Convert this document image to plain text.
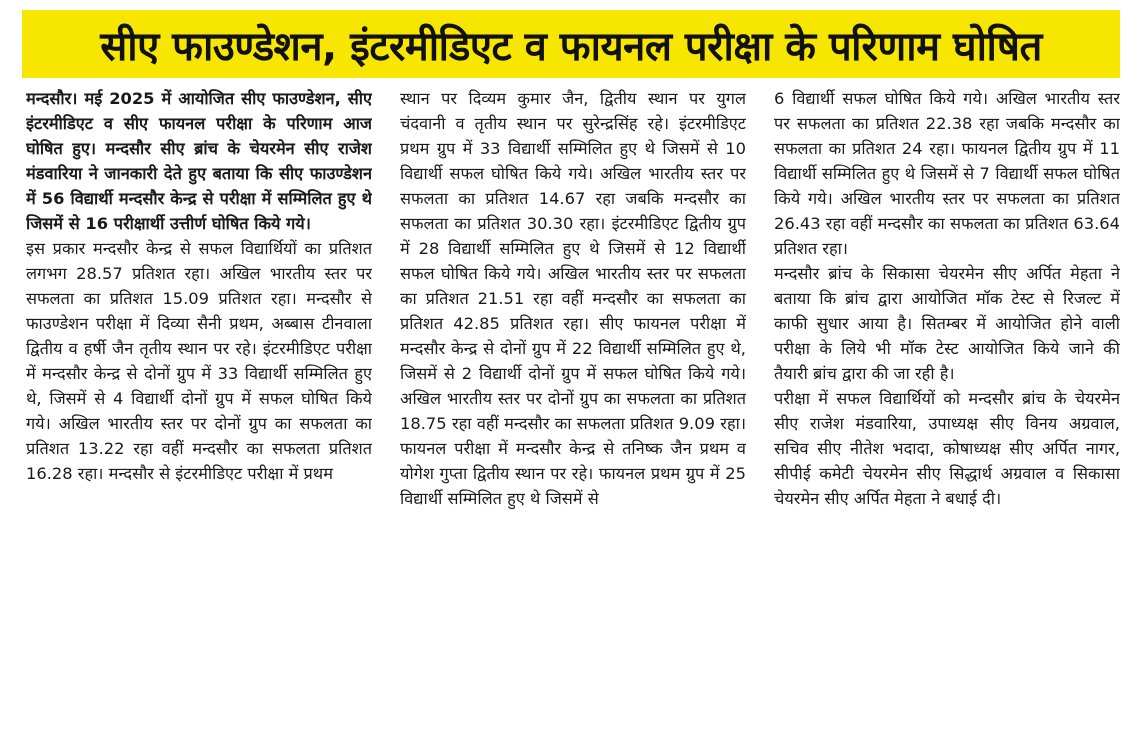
सीए फाउण्डेशन, इंटरमीडिएट व फायनल परीक्षा के परिणाम घोषित

मन्दसौर। मई 2025 में आयोजित सीए फाउण्डेशन, सीए इंटरमीडिएट व सीए फायनल परीक्षा के परिणाम आज घोषित हुए। मन्दसौर सीए ब्रांच के चेयरमेन सीए राजेश मंडवारिया ने जानकारी देते हुए बताया कि सीए फाउण्डेशन में 56 विद्यार्थी मन्दसौर केन्द्र से परीक्षा में सम्मिलित हुए थे जिसमें से 16 परीक्षार्थी उत्तीर्ण घोषित किये गये।

इस प्रकार मन्दसौर केन्द्र से सफल विद्यार्थियों का प्रतिशत लगभग 28.57 प्रतिशत रहा। अखिल भारतीय स्तर पर सफलता का प्रतिशत 15.09 प्रतिशत रहा। मन्दसौर से फाउण्डेशन परीक्षा में दिव्या सैनी प्रथम, अब्बास टीनवाला द्वितीय व हर्षी जैन तृतीय स्थान पर रहे। इंटरमीडिएट परीक्षा में मन्दसौर केन्द्र से दोनों ग्रुप में 33 विद्यार्थी सम्मिलित हुए थे, जिसमें से 4 विद्यार्थी दोनों ग्रुप में सफल घोषित किये गये। अखिल भारतीय स्तर पर दोनों ग्रुप का सफलता का प्रतिशत 13.22 रहा वहीं मन्दसौर का सफलता प्रतिशत 16.28 रहा। मन्दसौर से इंटरमीडिएट परीक्षा में प्रथम

स्थान पर दिव्यम कुमार जैन, द्वितीय स्थान पर युगल चंदवानी व तृतीय स्थान पर सुरेन्द्रसिंह रहे। इंटरमीडिएट प्रथम ग्रुप में 33 विद्यार्थी सम्मिलित हुए थे जिसमें से 10 विद्यार्थी सफल घोषित किये गये। अखिल भारतीय स्तर पर सफलता का प्रतिशत 14.67 रहा जबकि मन्दसौर का सफलता का प्रतिशत 30.30 रहा। इंटरमीडिएट द्वितीय ग्रुप में 28 विद्यार्थी सम्मिलित हुए थे जिसमें से 12 विद्यार्थी सफल घोषित किये गये। अखिल भारतीय स्तर पर सफलता का प्रतिशत 21.51 रहा वहीं मन्दसौर का सफलता का प्रतिशत 42.85 प्रतिशत रहा। सीए फायनल परीक्षा में मन्दसौर केन्द्र से दोनों ग्रुप में 22 विद्यार्थी सम्मिलित हुए थे, जिसमें से 2 विद्यार्थी दोनों ग्रुप में सफल घोषित किये गये। अखिल भारतीय स्तर पर दोनों ग्रुप का सफलता का प्रतिशत 18.75 रहा वहीं मन्दसौर का सफलता प्रतिशत 9.09 रहा। फायनल परीक्षा में मन्दसौर केन्द्र से तनिष्क जैन प्रथम व योगेश गुप्ता द्वितीय स्थान पर रहे। फायनल प्रथम ग्रुप में 25 विद्यार्थी सम्मिलित हुए थे जिसमें से

6 विद्यार्थी सफल घोषित किये गये। अखिल भारतीय स्तर पर सफलता का प्रतिशत 22.38 रहा जबकि मन्दसौर का सफलता का प्रतिशत 24 रहा। फायनल द्वितीय ग्रुप में 11 विद्यार्थी सम्मिलित हुए थे जिसमें से 7 विद्यार्थी सफल घोषित किये गये। अखिल भारतीय स्तर पर सफलता का प्रतिशत 26.43 रहा वहीं मन्दसौर का सफलता का प्रतिशत 63.64 प्रतिशत रहा।

मन्दसौर ब्रांच के सिकासा चेयरमेन सीए अर्पित मेहता ने बताया कि ब्रांच द्वारा आयोजित मॉक टेस्ट से रिजल्ट में काफी सुधार आया है। सितम्बर में आयोजित होने वाली परीक्षा के लिये भी मॉक टेस्ट आयोजित किये जाने की तैयारी ब्रांच द्वारा की जा रही है।

परीक्षा में सफल विद्यार्थियों को मन्दसौर ब्रांच के चेयरमेन सीए राजेश मंडवारिया, उपाध्यक्ष सीए विनय अग्रवाल, सचिव सीए नीतेश भदादा, कोषाध्यक्ष सीए अर्पित नागर, सीपीई कमेटी चेयरमेन सीए सिद्धार्थ अग्रवाल व सिकासा चेयरमेन सीए अर्पित मेहता ने बधाई दी।
